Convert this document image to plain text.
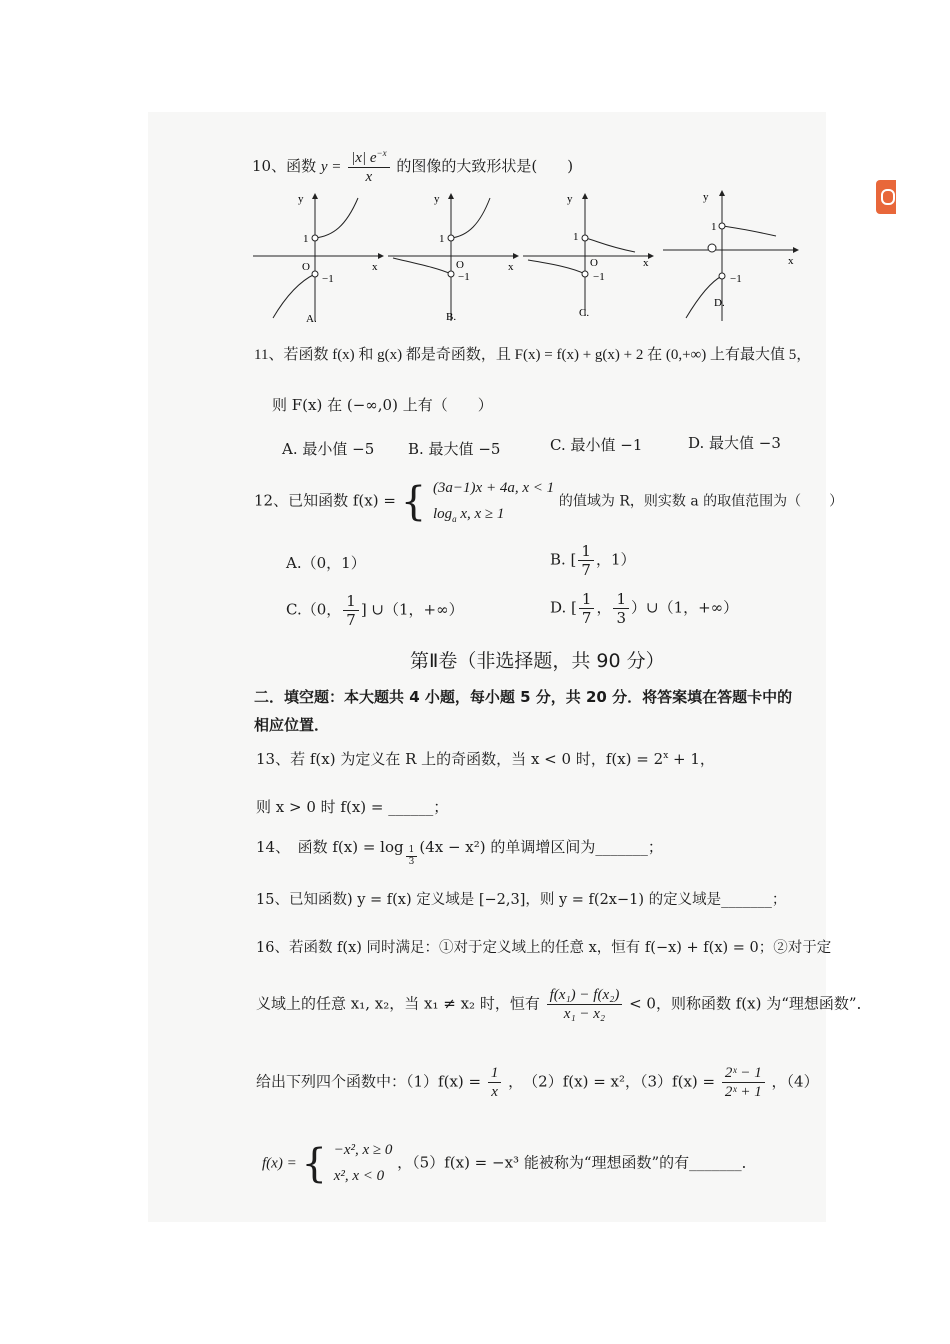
10、函数 $y = \frac{|x| e^{-x}}{x}$ 的图像的大致形状是(　　)
y
x
O
1
−1
A.
y
x
O
1
−1
B.
y
x
O
1
−1
C.
y
x
1
−1
D.
11、若函数 f(x) 和 g(x) 都是奇函数，且 F(x) = f(x) + g(x) + 2 在 (0,+∞) 上有最大值 5，
则 F(x) 在 (−∞,0) 上有（　　）
A. 最小值 −5 B. 最大值 −5	C. 最小值 −1	D. 最大值 −3
12、已知函数 f(x) = { (3a−1)x + 4a, x < 1
$\log_a x$, x ≥ 1
的值域为 R，则实数 a 的取值范围为（　　）
A.（0，1）	B. [ $\frac{1}{7}$ ，1）
C.（0， $\frac{1}{7}$ ] ∪（1，+∞）	D. [ $\frac{1}{7}$ ， $\frac{1}{3}$ ）∪（1，+∞）
第Ⅱ卷（非选择题，共 90 分）
二．填空题：本大题共 4 小题，每小题 5 分，共 20 分．将答案填在答题卡中的
相应位置．
13、若 f(x) 为定义在 R 上的奇函数，当 x < 0 时，$f(x) = 2^x + 1$，
则 x > 0 时 f(x) = ______；
14、　函数 $f(x) = \log \frac{1}{3} (4x - x^2)$ 的单调增区间为_______；
15、已知函数) y = f(x) 定义域是 [−2,3]，则 y = f(2x−1) 的定义域是_______；
16、若函数 f(x) 同时满足：①对于定义域上的任意 x，恒有 f(−x) + f(x) = 0；②对于定
义域上的任意 x₁, x₂，当 x₁ ≠ x₂ 时，恒有 $\frac{\text{f(x₁) − f(x₂)}}{\text{x₁ − x₂}} < 0$，则称函数 f(x) 为“理想函数”．
给出下列四个函数中：$(1)f(x) = \frac{1}{x}$ ，　（2）f(x) = x²，$(3)f(x) = \frac{\text{2ˣ − 1}}{\text{2ˣ + 1}}$ ，（4）
f(x) = { −x², x ≥ 0
x², x < 0
，（5）f(x) = −x³ 能被称为“理想函数”的有_______．
